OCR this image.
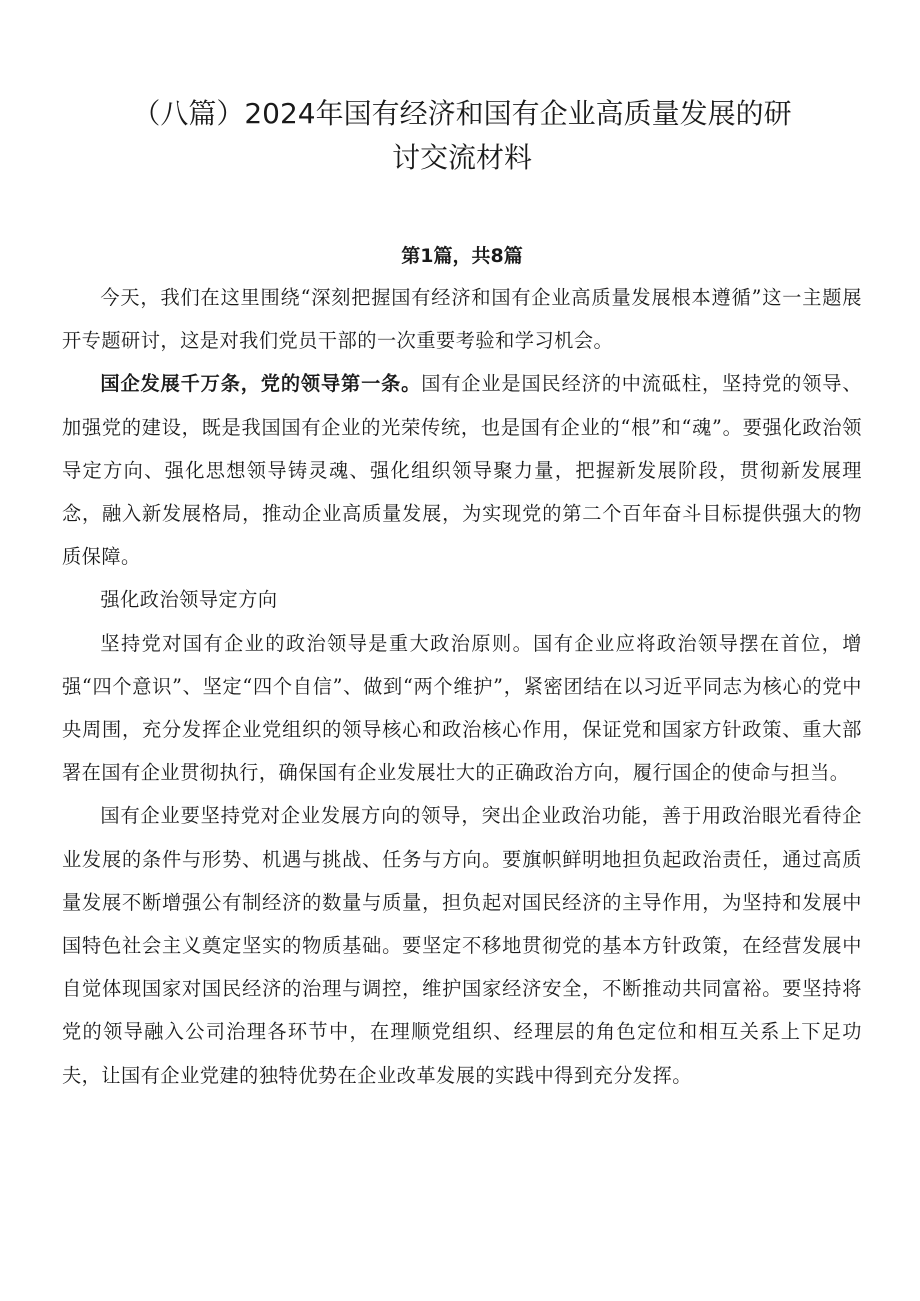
（八篇）2024年国有经济和国有企业高质量发展的研
讨交流材料
第1篇，共8篇

今天，我们在这里围绕“深刻把握国有经济和国有企业高质量发展根本遵循”这一主题展开专题研讨，这是对我们党员干部的一次重要考验和学习机会。

国企发展千万条，党的领导第一条。国有企业是国民经济的中流砥柱，坚持党的领导、加强党的建设，既是我国国有企业的光荣传统，也是国有企业的“根”和“魂”。要强化政治领导定方向、强化思想领导铸灵魂、强化组织领导聚力量，把握新发展阶段，贯彻新发展理念，融入新发展格局，推动企业高质量发展，为实现党的第二个百年奋斗目标提供强大的物质保障。

强化政治领导定方向

坚持党对国有企业的政治领导是重大政治原则。国有企业应将政治领导摆在首位，增强“四个意识”、坚定“四个自信”、做到“两个维护”，紧密团结在以习近平同志为核心的党中央周围，充分发挥企业党组织的领导核心和政治核心作用，保证党和国家方针政策、重大部署在国有企业贯彻执行，确保国有企业发展壮大的正确政治方向，履行国企的使命与担当。

国有企业要坚持党对企业发展方向的领导，突出企业政治功能，善于用政治眼光看待企业发展的条件与形势、机遇与挑战、任务与方向。要旗帜鲜明地担负起政治责任，通过高质量发展不断增强公有制经济的数量与质量，担负起对国民经济的主导作用，为坚持和发展中国特色社会主义奠定坚实的物质基础。要坚定不移地贯彻党的基本方针政策，在经营发展中自觉体现国家对国民经济的治理与调控，维护国家经济安全，不断推动共同富裕。要坚持将党的领导融入公司治理各环节中，在理顺党组织、经理层的角色定位和相互关系上下足功夫，让国有企业党建的独特优势在企业改革发展的实践中得到充分发挥。
